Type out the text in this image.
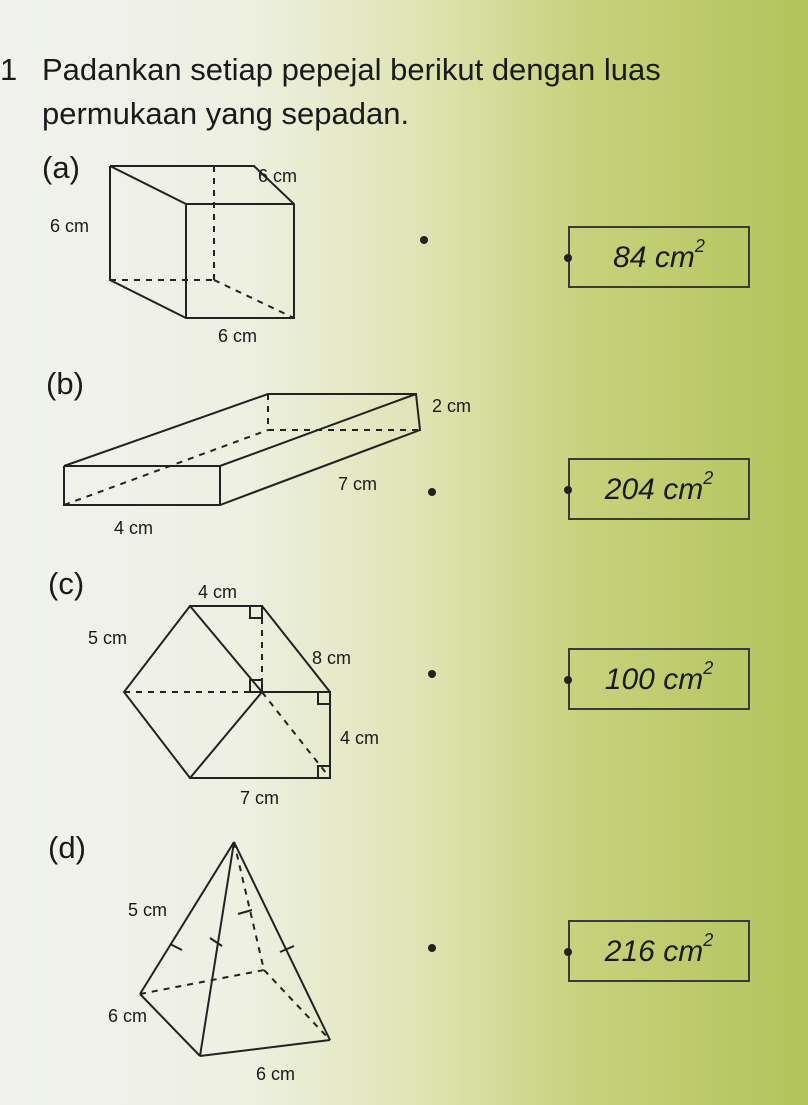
1 Padankan setiap pepejal berikut dengan luas permukaan yang sepadan.
(a)
(b)
(c)
(d)
6 cm
6 cm
6 cm
2 cm
7 cm
4 cm
4 cm
5 cm
8 cm
4 cm
7 cm
5 cm
6 cm
6 cm
84 $cm^2$
204 $cm^2$
100 $cm^2$
216 $cm^2$
